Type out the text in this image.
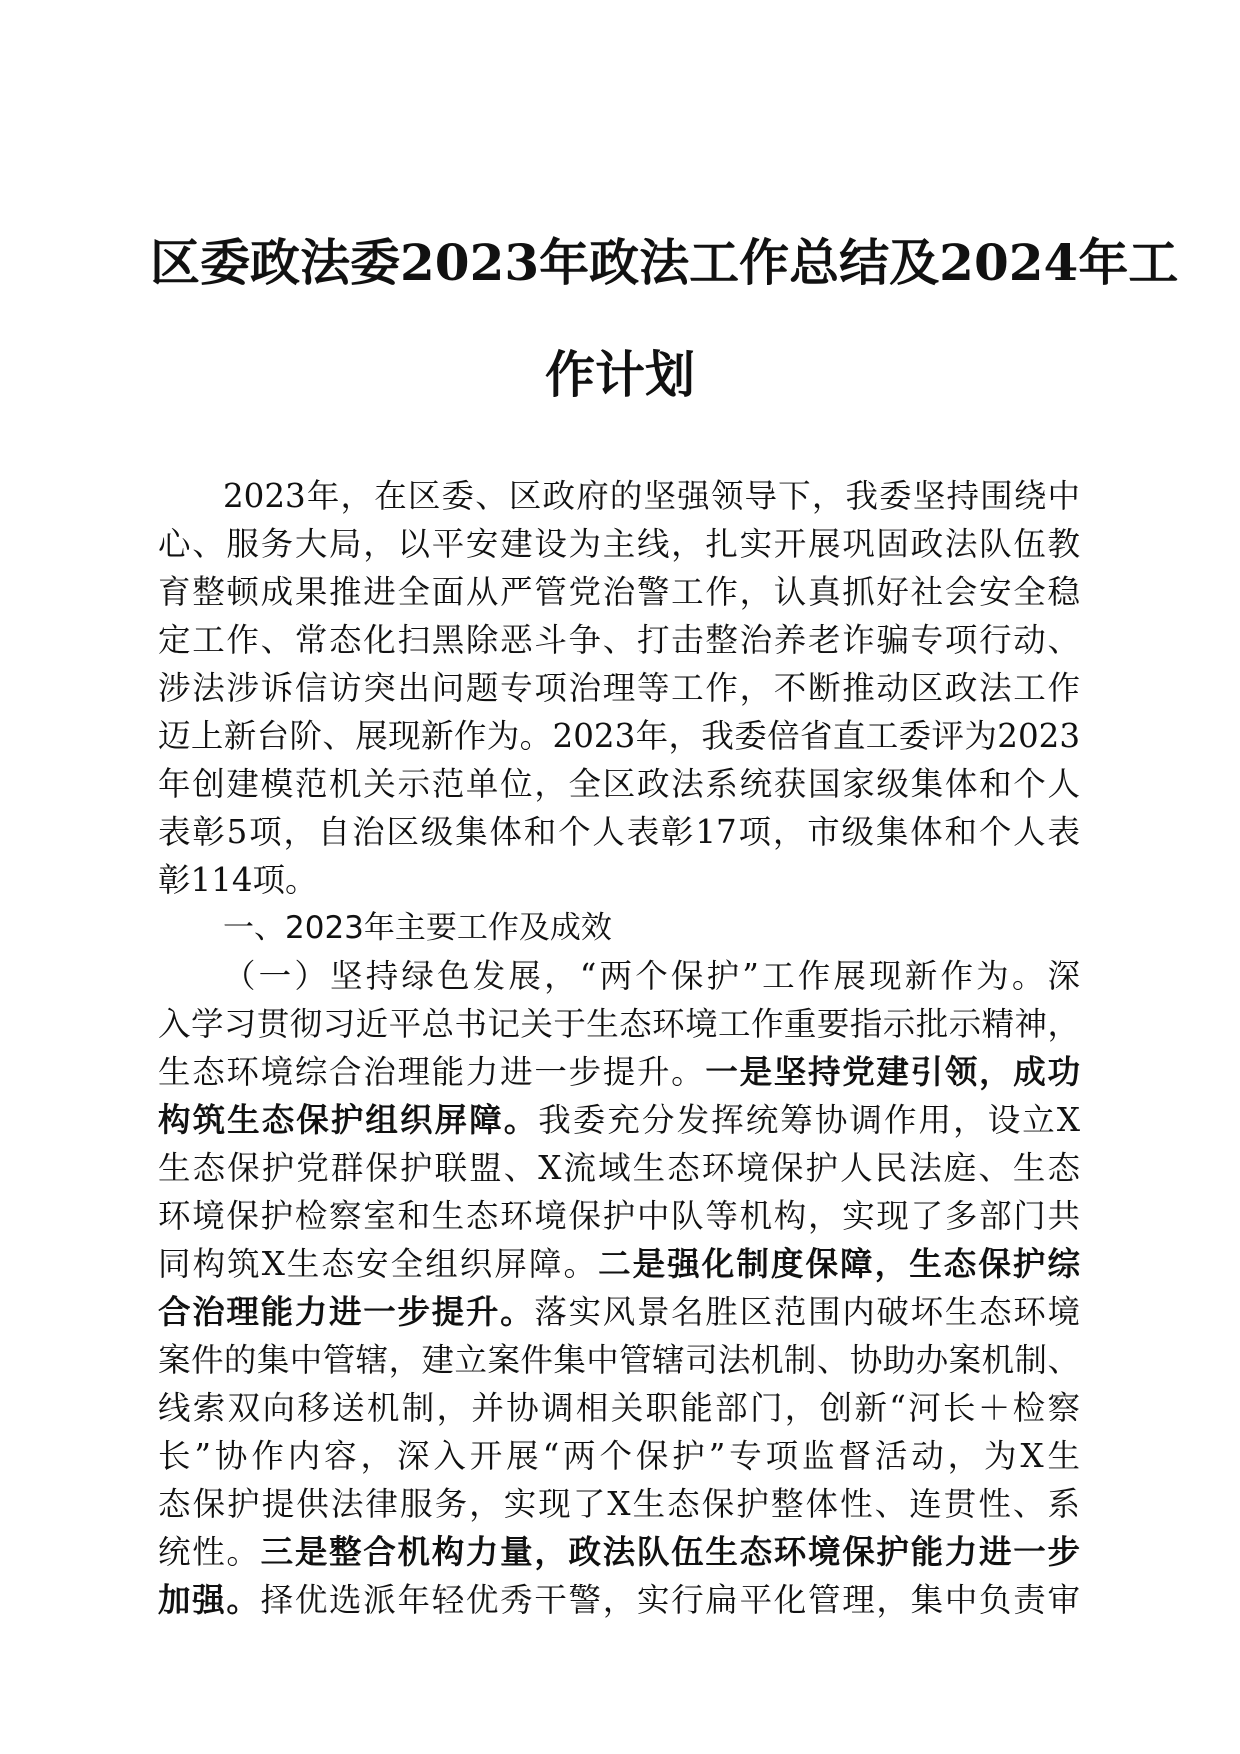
区委政法委2023年政法工作总结及2024年工
作计划
2023年，在区委、区政府的坚强领导下，我委坚持围绕中
心、服务大局，以平安建设为主线，扎实开展巩固政法队伍教
育整顿成果推进全面从严管党治警工作，认真抓好社会安全稳
定工作、常态化扫黑除恶斗争、打击整治养老诈骗专项行动、
涉法涉诉信访突出问题专项治理等工作，不断推动区政法工作
迈上新台阶、展现新作为。2023年，我委倍省直工委评为2023
年创建模范机关示范单位，全区政法系统获国家级集体和个人
表彰5项，自治区级集体和个人表彰17项，市级集体和个人表
彰114项。
一、2023年主要工作及成效
（一）坚持绿色发展，“两个保护”工作展现新作为。深
入学习贯彻习近平总书记关于生态环境工作重要指示批示精神，
生态环境综合治理能力进一步提升。一是坚持党建引领，成功
构筑生态保护组织屏障。我委充分发挥统筹协调作用，设立X
生态保护党群保护联盟、X流域生态环境保护人民法庭、生态
环境保护检察室和生态环境保护中队等机构，实现了多部门共
同构筑X生态安全组织屏障。二是强化制度保障，生态保护综
合治理能力进一步提升。落实风景名胜区范围内破坏生态环境
案件的集中管辖，建立案件集中管辖司法机制、协助办案机制、
线索双向移送机制，并协调相关职能部门，创新“河长＋检察
长”协作内容，深入开展“两个保护”专项监督活动，为X生
态保护提供法律服务，实现了X生态保护整体性、连贯性、系
统性。三是整合机构力量，政法队伍生态环境保护能力进一步
加强。择优选派年轻优秀干警，实行扁平化管理，集中负责审
